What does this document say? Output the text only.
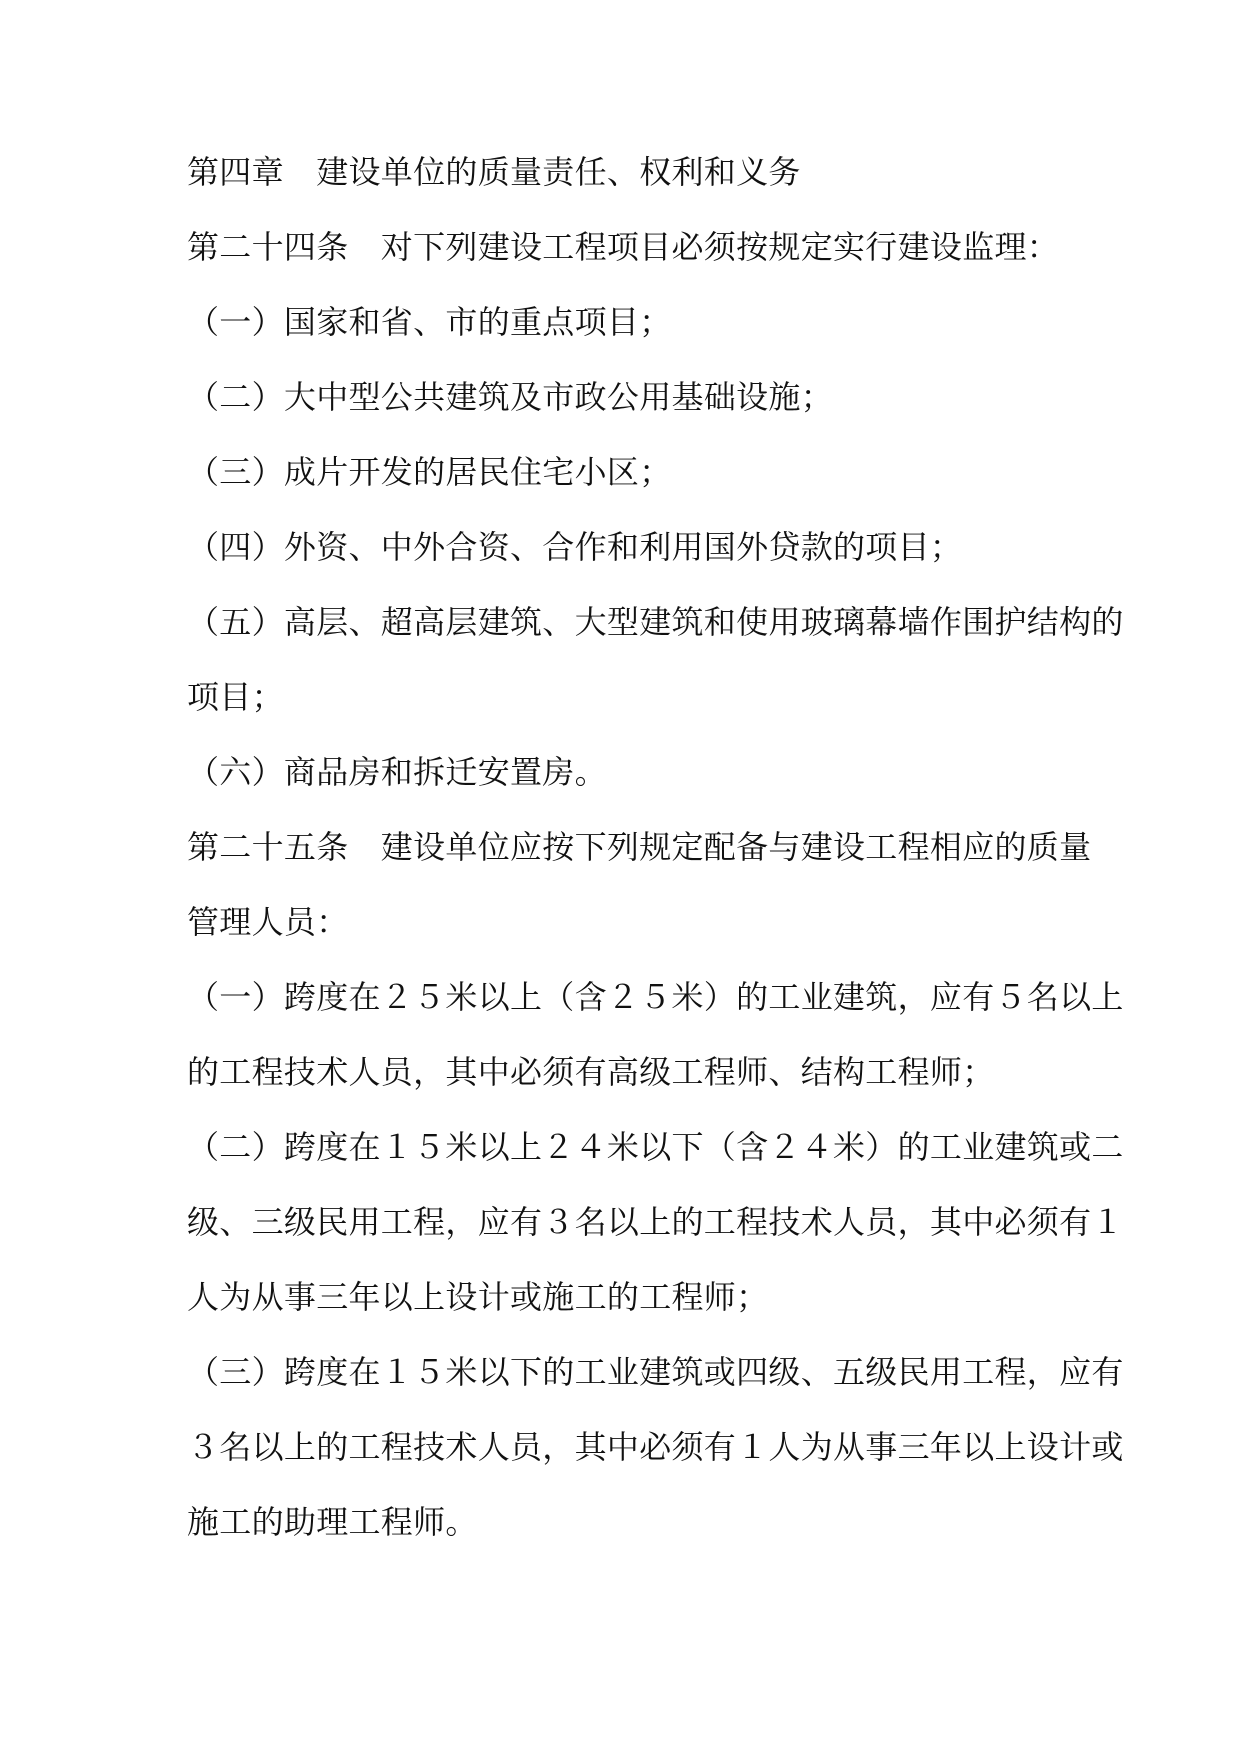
第四章　建设单位的质量责任、权利和义务
第二十四条　对下列建设工程项目必须按规定实行建设监理：
（一）国家和省、市的重点项目；
（二）大中型公共建筑及市政公用基础设施；
（三）成片开发的居民住宅小区；
（四）外资、中外合资、合作和利用国外贷款的项目；
（五）高层、超高层建筑、大型建筑和使用玻璃幕墙作围护结构的
项目；
（六）商品房和拆迁安置房。
第二十五条　建设单位应按下列规定配备与建设工程相应的质量
管理人员：
（一）跨度在２５米以上（含２５米）的工业建筑，应有５名以上
的工程技术人员，其中必须有高级工程师、结构工程师；
（二）跨度在１５米以上２４米以下（含２４米）的工业建筑或二
级、三级民用工程，应有３名以上的工程技术人员，其中必须有１
人为从事三年以上设计或施工的工程师；
（三）跨度在１５米以下的工业建筑或四级、五级民用工程，应有
３名以上的工程技术人员，其中必须有１人为从事三年以上设计或
施工的助理工程师。
